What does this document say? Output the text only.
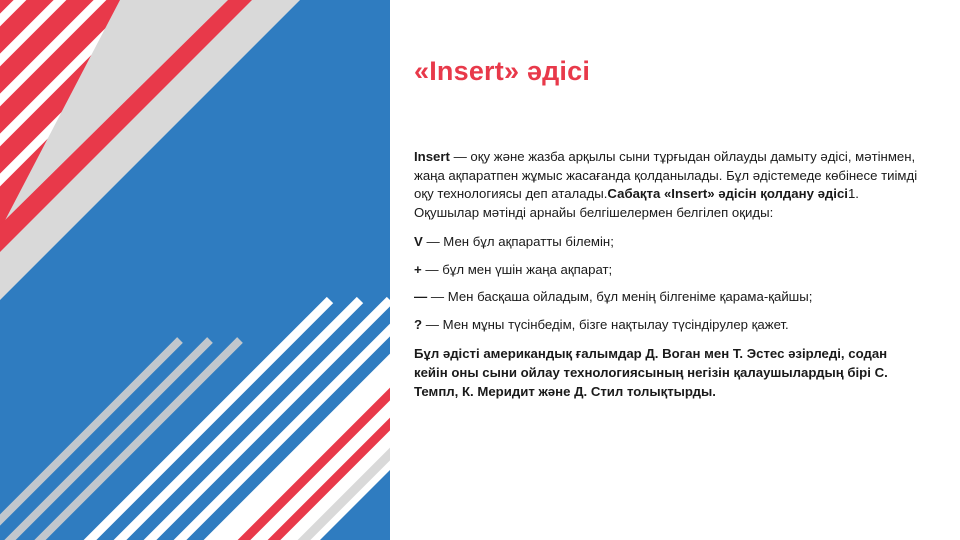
«Insert» әдісі

Insert — оқу және жазба арқылы сыни тұрғыдан ойлауды дамыту әдісі, мәтінмен, жаңа ақпаратпен жұмыс жасағанда қолданылады. Бұл әдістемеде көбінесе тиімді оқу технологиясы деп аталады.Сабақта «Insert» әдісін қолдану әдісі1. Оқушылар мәтінді арнайы белгішелермен белгілеп оқиды:

V — Мен бұл ақпаратты білемін;

+ — бұл мен үшін жаңа ақпарат;

— — Мен басқаша ойладым, бұл менің білгеніме қарама-қайшы;

? — Мен мұны түсінбедім, бізге нақтылау түсіндірулер қажет.

Бұл әдісті америкaндық ғалымдар Д. Воган мен Т. Эстес әзірледі, содан кейін оны сыни ойлау технологиясының негізін қалаушылардың бірі С. Темпл, К. Меридит және Д. Стил толықтырды.
